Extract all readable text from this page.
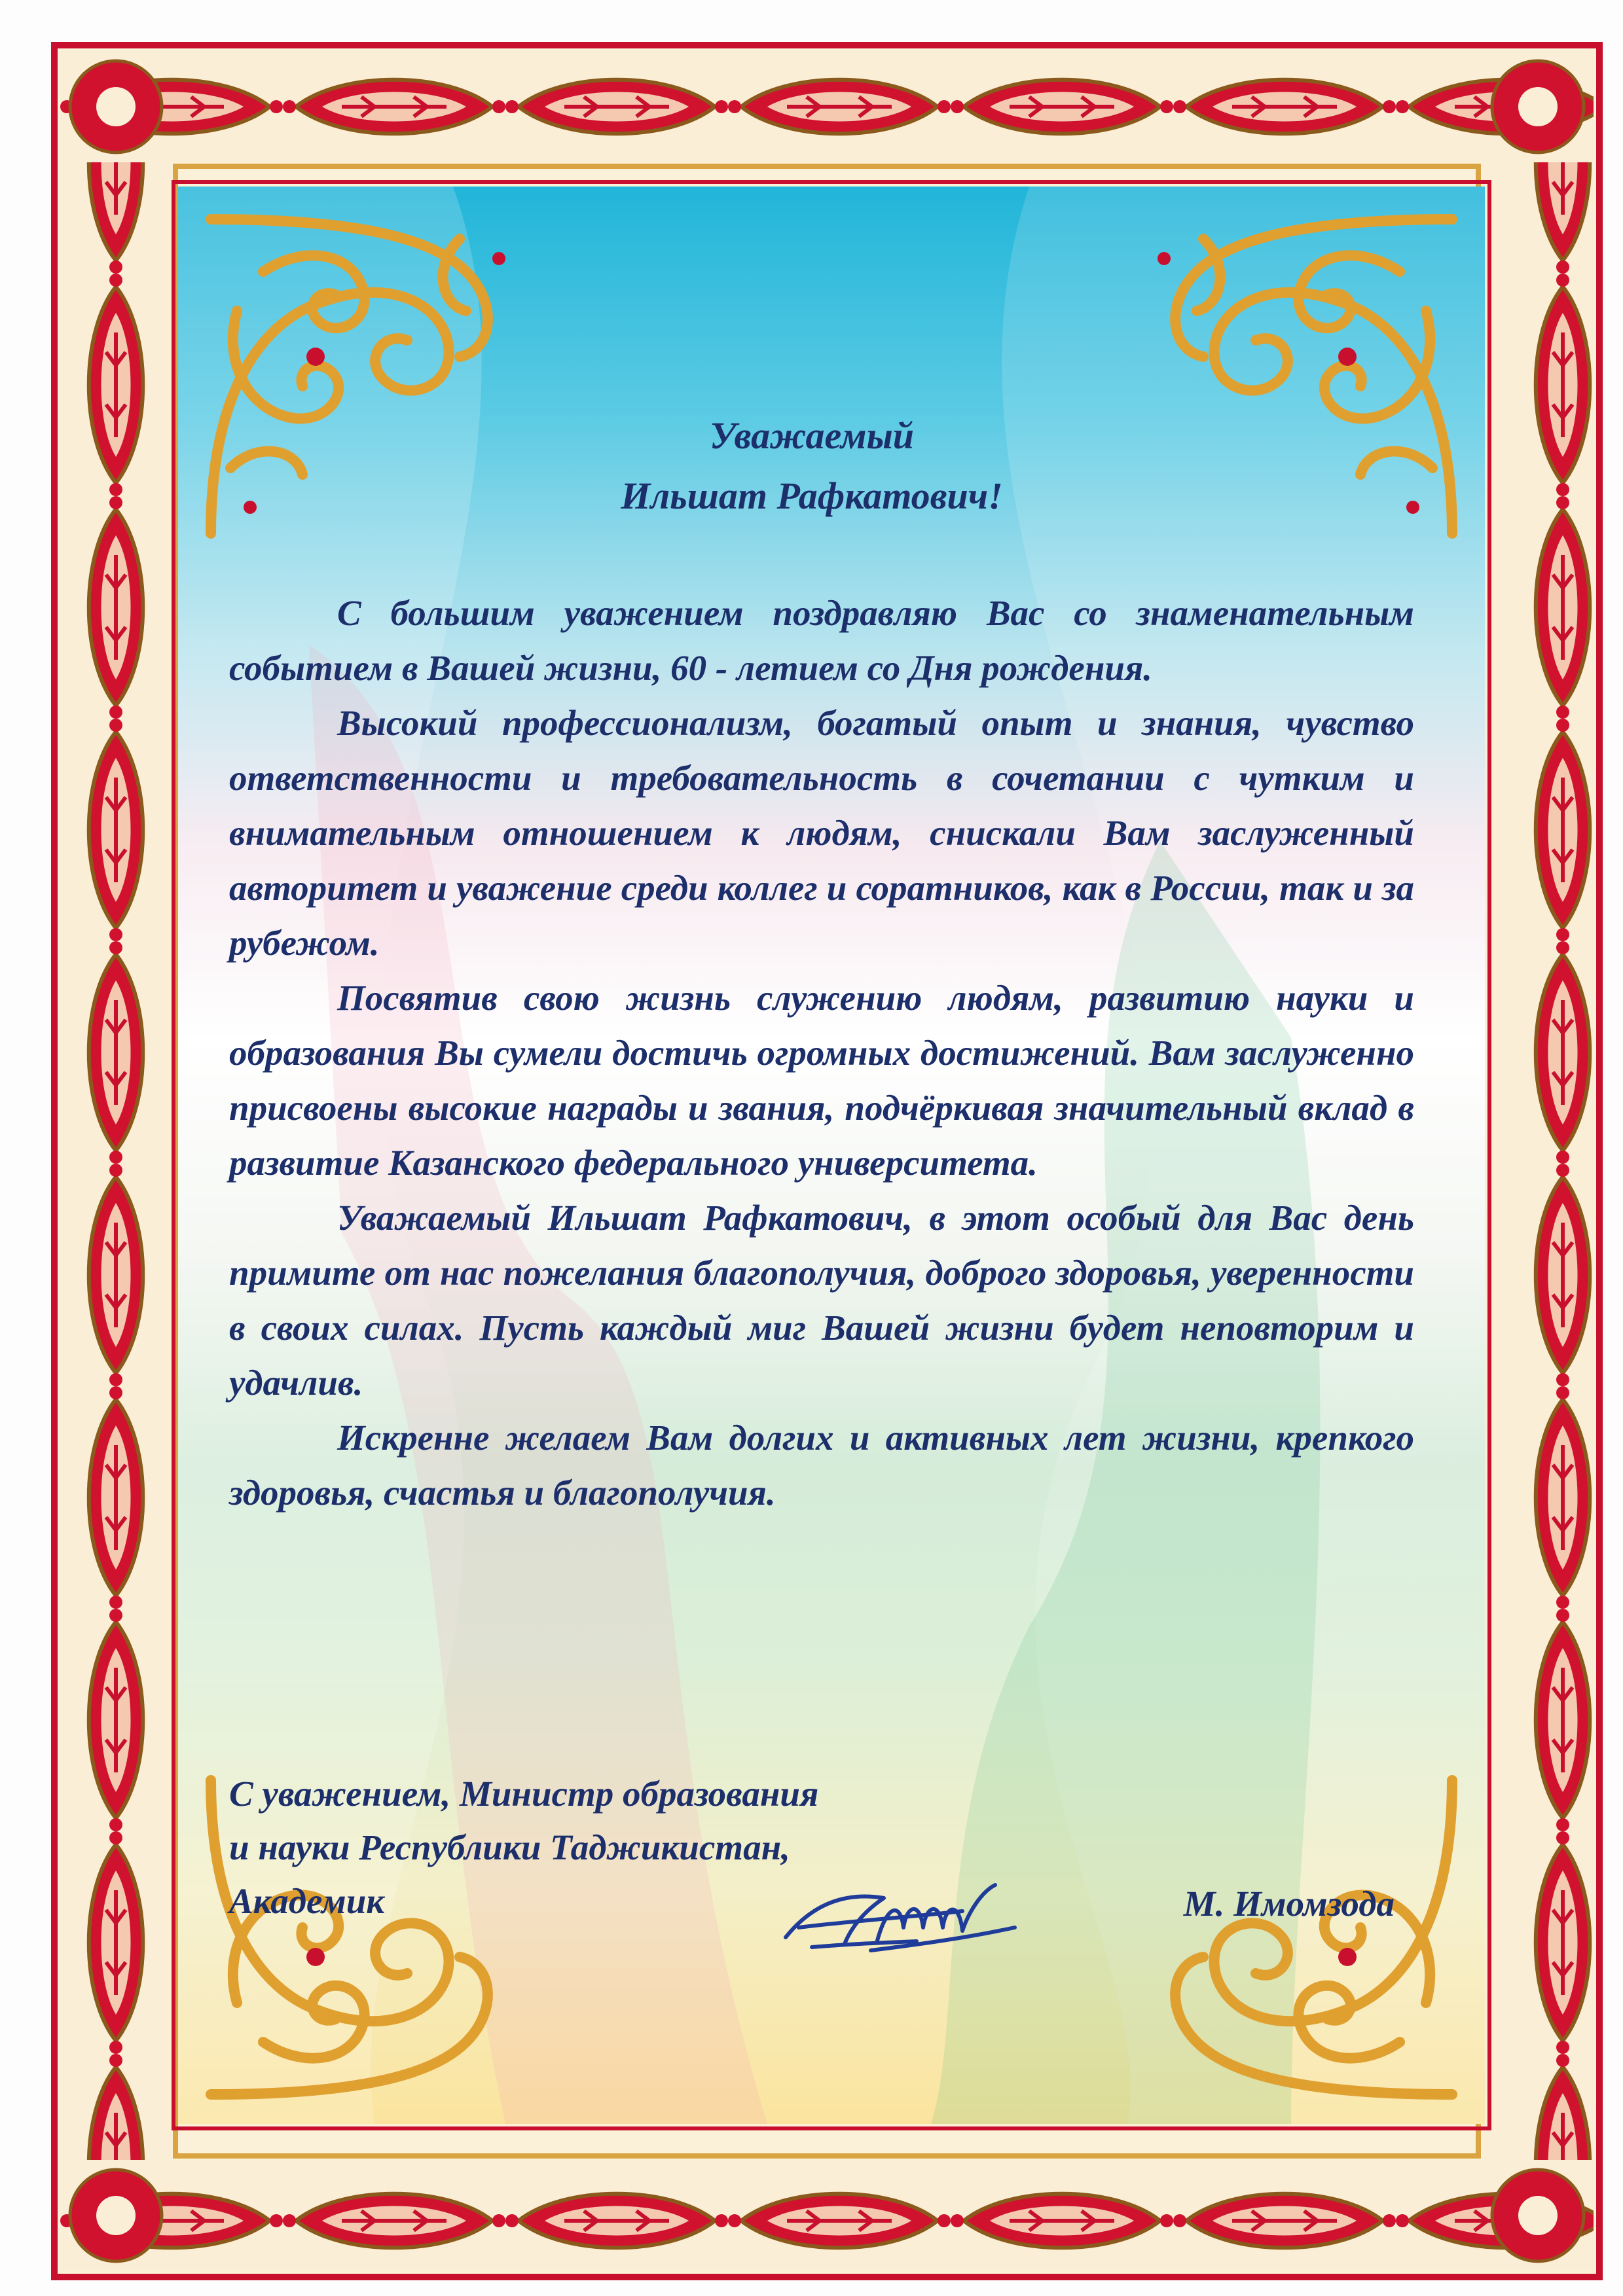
Уважаемый
Ильшат Рафкатович!

С большим уважением поздравляю Вас со знаменательным событием в Вашей жизни, 60 - летием со Дня рождения.

Высокий профессионализм, богатый опыт и знания, чувство ответственности и требовательность в сочетании с чутким и внимательным отношением к людям, снискали Вам заслуженный авторитет и уважение среди коллег и соратников, как в России, так и за рубежом.

Посвятив свою жизнь служению людям, развитию науки и образования Вы сумели достичь огромных достижений. Вам заслуженно присвоены высокие награды и звания, подчёркивая значительный вклад в развитие Казанского федерального университета.

Уважаемый Ильшат Рафкатович, в этот особый для Вас день примите от нас пожелания благополучия, доброго здоровья, уверенности в своих силах. Пусть каждый миг Вашей жизни будет неповторим и удачлив.

Искренне желаем Вам долгих и активных лет жизни, крепкого здоровья, счастья и благополучия.

С уважением, Министр образования
и науки Республики Таджикистан,
Академик	М. Имомзода
